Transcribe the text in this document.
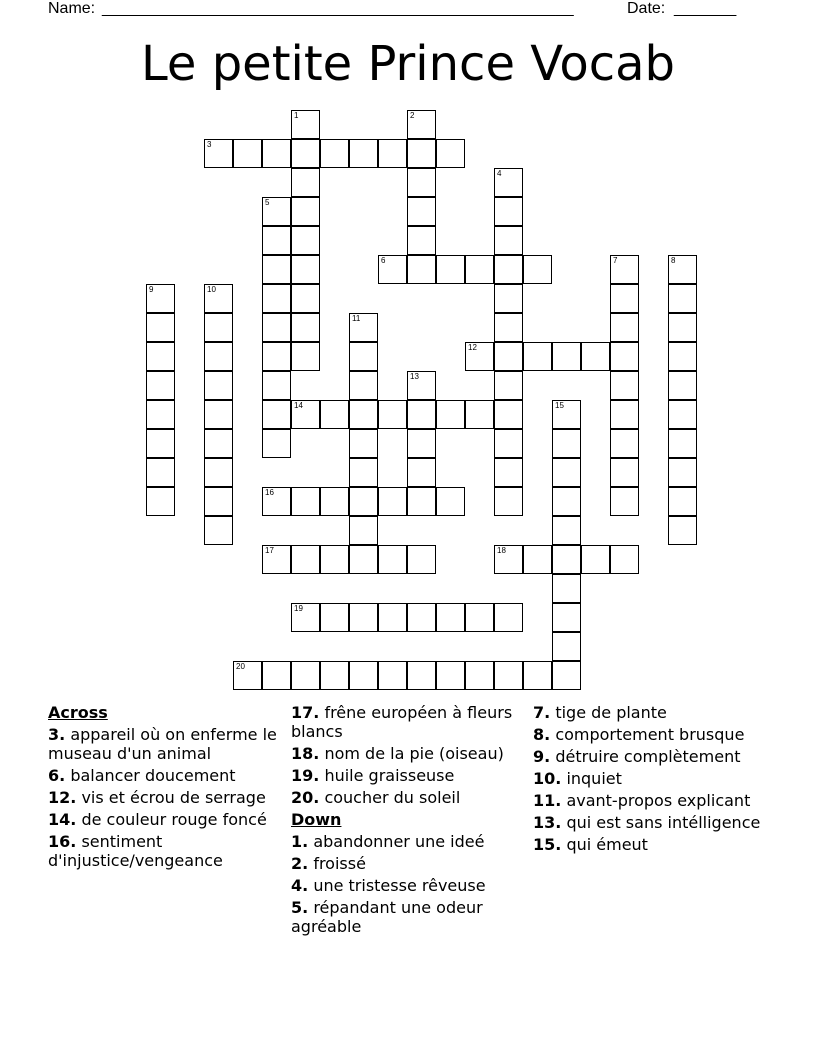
Name: _____________________________________________________	Date: _______
Le petite Prince Vocab
1	2
3
4
5
6	7	8
9	10
11
12
13
14	15
16
17	18
19
20
Across
3. appareil où on enferme le museau d'un animal
6. balancer doucement
12. vis et écrou de serrage
14. de couleur rouge foncé
16. sentiment d'injustice/vengeance
17. frêne européen à fleurs blancs
18. nom de la pie (oiseau)
19. huile graisseuse
20. coucher du soleil
Down
1. abandonner une ideé
2. froissé
4. une tristesse rêveuse
5. répandant une odeur agréable
7. tige de plante
8. comportement brusque
9. détruire complètement
10. inquiet
11. avant-propos explicant
13. qui est sans intélligence
15. qui émeut
